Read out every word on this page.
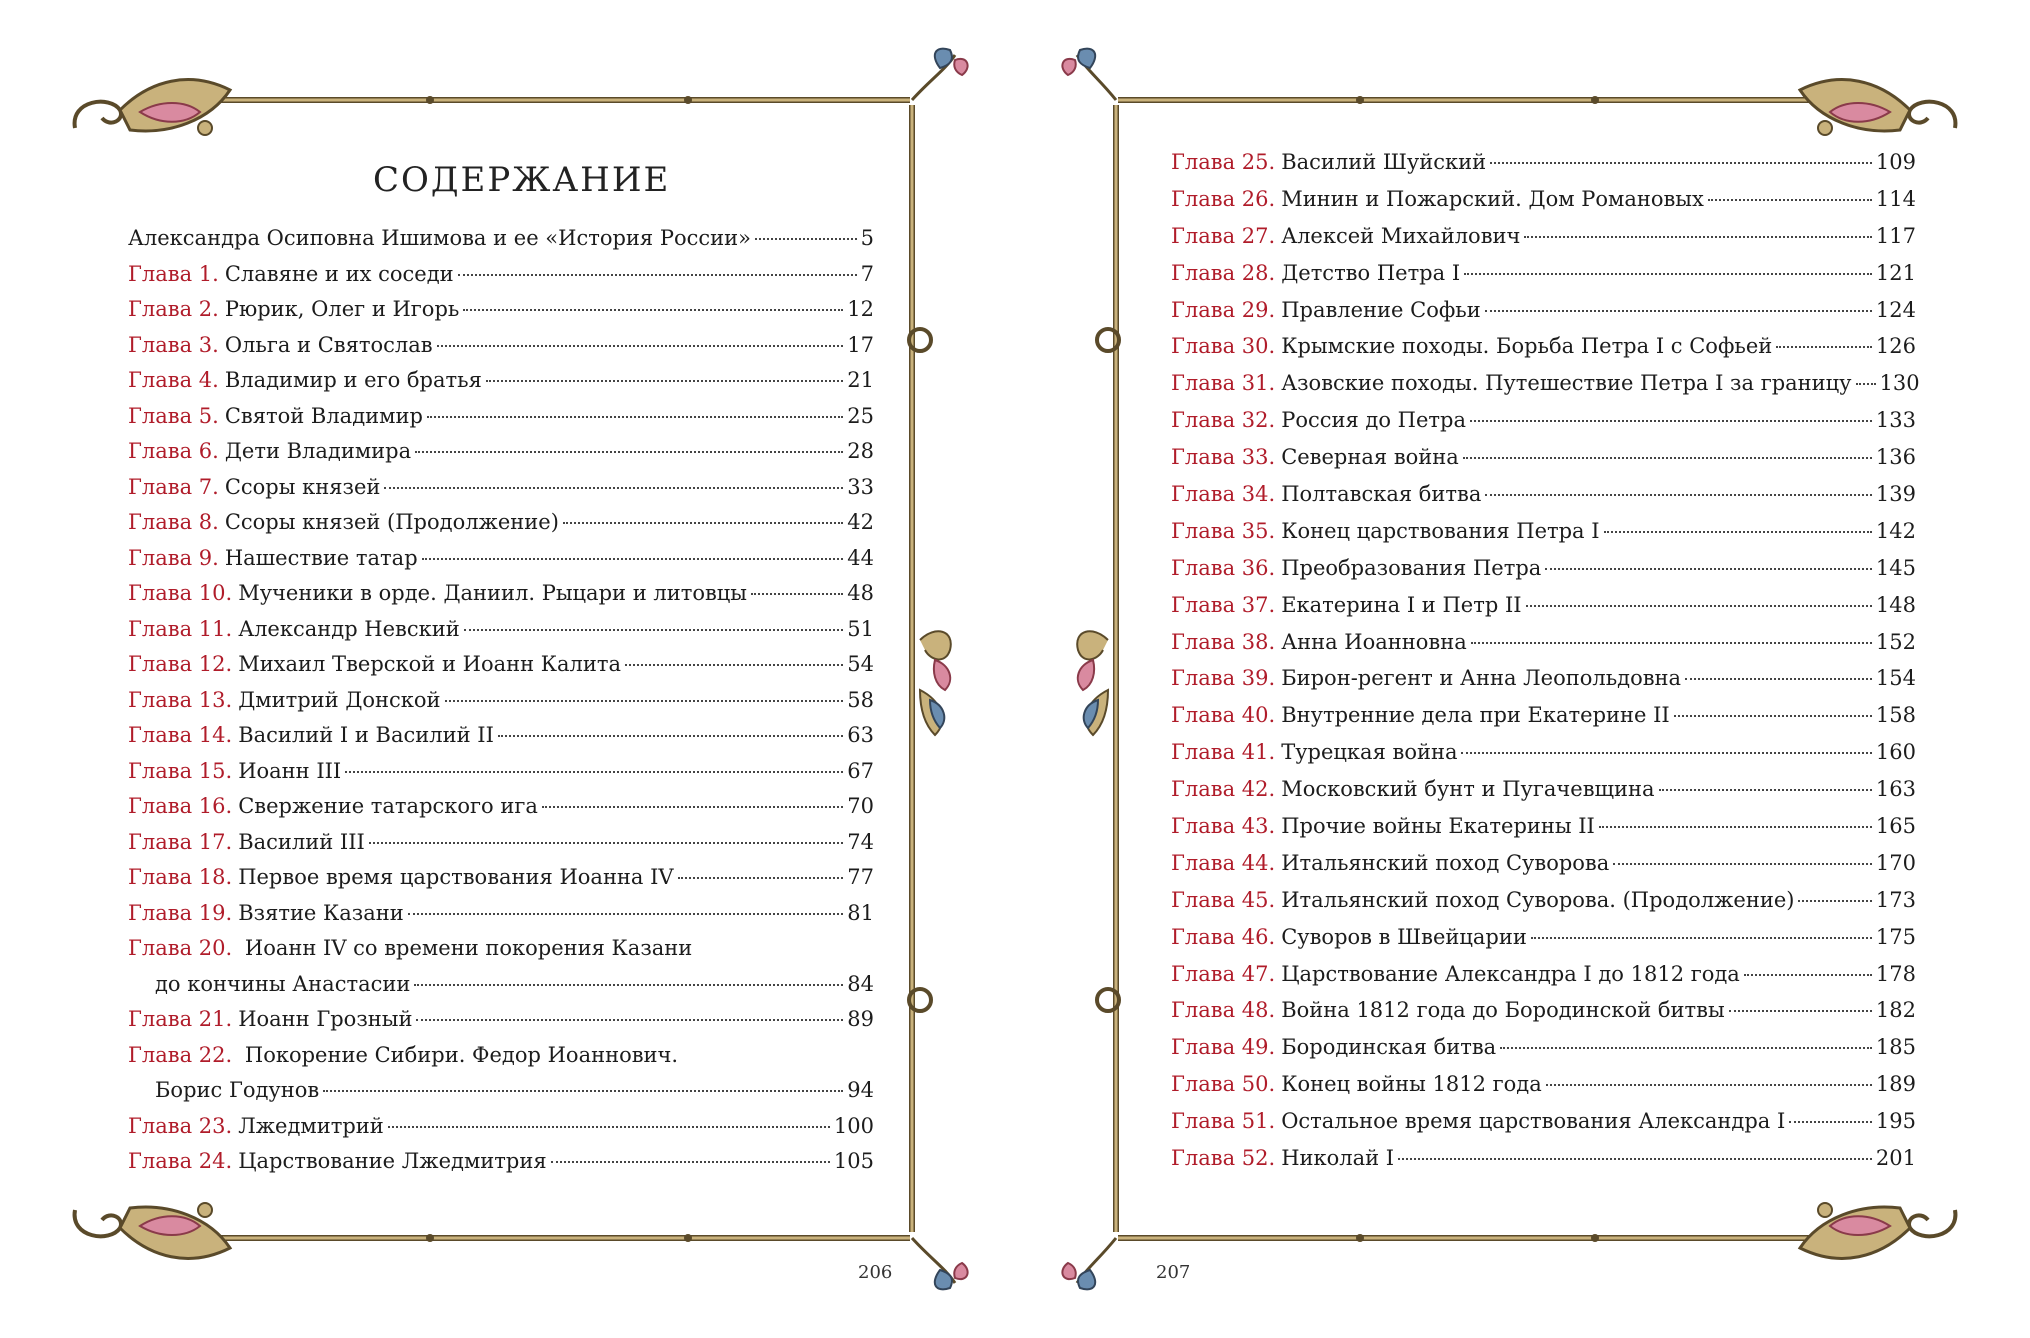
СОДЕРЖАНИЕ
Александра Осиповна Ишимова и ее «История России»	5
Глава 1. Славяне и их соседи	7
Глава 2. Рюрик, Олег и Игорь	12
Глава 3. Ольга и Святослав	17
Глава 4. Владимир и его братья	21
Глава 5. Святой Владимир	25
Глава 6. Дети Владимира	28
Глава 7. Ссоры князей	33
Глава 8. Ссоры князей (Продолжение)	42
Глава 9. Нашествие татар	44
Глава 10. Мученики в орде. Даниил. Рыцари и литовцы	48
Глава 11. Александр Невский	51
Глава 12. Михаил Тверской и Иоанн Калита	54
Глава 13. Дмитрий Донской	58
Глава 14. Василий I и Василий II	63
Глава 15. Иоанн III	67
Глава 16. Свержение татарского ига	70
Глава 17. Василий III	74
Глава 18. Первое время царствования Иоанна IV	77
Глава 19. Взятие Казани	81
Глава 20. Иоанн IV со времени покорения Казани
до кончины Анастасии	84
Глава 21. Иоанн Грозный	89
Глава 22. Покорение Сибири. Федор Иоаннович.
Борис Годунов	94
Глава 23. Лжедмитрий	100
Глава 24. Царствование Лжедмитрия	105
206	207
Глава 25. Василий Шуйский	109
Глава 26. Минин и Пожарский. Дом Романовых	114
Глава 27. Алексей Михайлович	117
Глава 28. Детство Петра I	121
Глава 29. Правление Софьи	124
Глава 30. Крымские походы. Борьба Петра I с Софьей	126
Глава 31. Азовские походы. Путешествие Петра I за границу 130
Глава 32. Россия до Петра	133
Глава 33. Северная война	136
Глава 34. Полтавская битва	139
Глава 35. Конец царствования Петра I	142
Глава 36. Преобразования Петра	145
Глава 37. Екатерина I и Петр II	148
Глава 38. Анна Иоанновна	152
Глава 39. Бирон-регент и Анна Леопольдовна	154
Глава 40. Внутренние дела при Екатерине II	158
Глава 41. Турецкая война	160
Глава 42. Московский бунт и Пугачевщина	163
Глава 43. Прочие войны Екатерины II	165
Глава 44. Итальянский поход Суворова	170
Глава 45. Итальянский поход Суворова. (Продолжение)	173
Глава 46. Суворов в Швейцарии	175
Глава 47. Царствование Александра I до 1812 года	178
Глава 48. Война 1812 года до Бородинской битвы	182
Глава 49. Бородинская битва	185
Глава 50. Конец войны 1812 года	189
Глава 51. Остальное время царствования Александра I	195
Глава 52. Николай I	201
